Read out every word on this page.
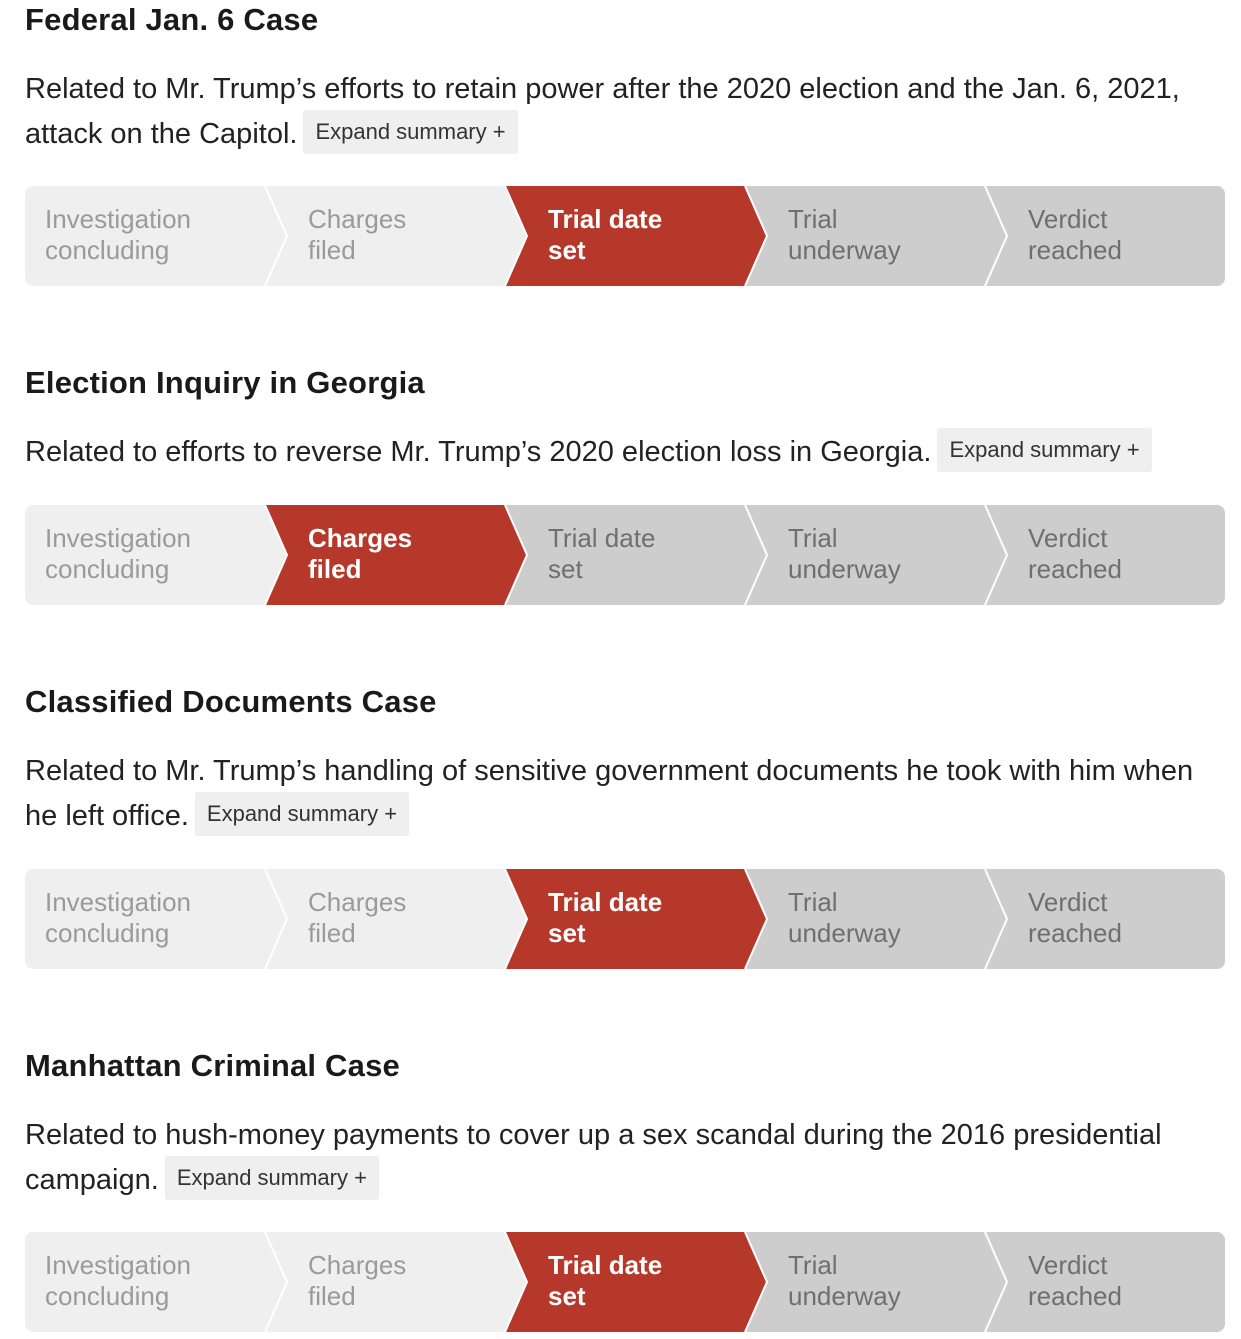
Federal Jan. 6 Case

Related to Mr. Trump’s efforts to retain power after the 2020 election and the Jan. 6, 2021, attack on the Capitol. Expand summary +

Investigation
concluding
Charges
filed
Trial date
set
Trial
underway
Verdict
reached
Election Inquiry in Georgia

Related to efforts to reverse Mr. Trump’s 2020 election loss in Georgia. Expand summary +

Investigation
concluding
Charges
filed
Trial date
set
Trial
underway
Verdict
reached
Classified Documents Case

Related to Mr. Trump’s handling of sensitive government documents he took with him when he left office. Expand summary +

Investigation
concluding
Charges
filed
Trial date
set
Trial
underway
Verdict
reached
Manhattan Criminal Case

Related to hush-money payments to cover up a sex scandal during the 2016 presidential campaign. Expand summary +

Investigation
concluding
Charges
filed
Trial date
set
Trial
underway
Verdict
reached
